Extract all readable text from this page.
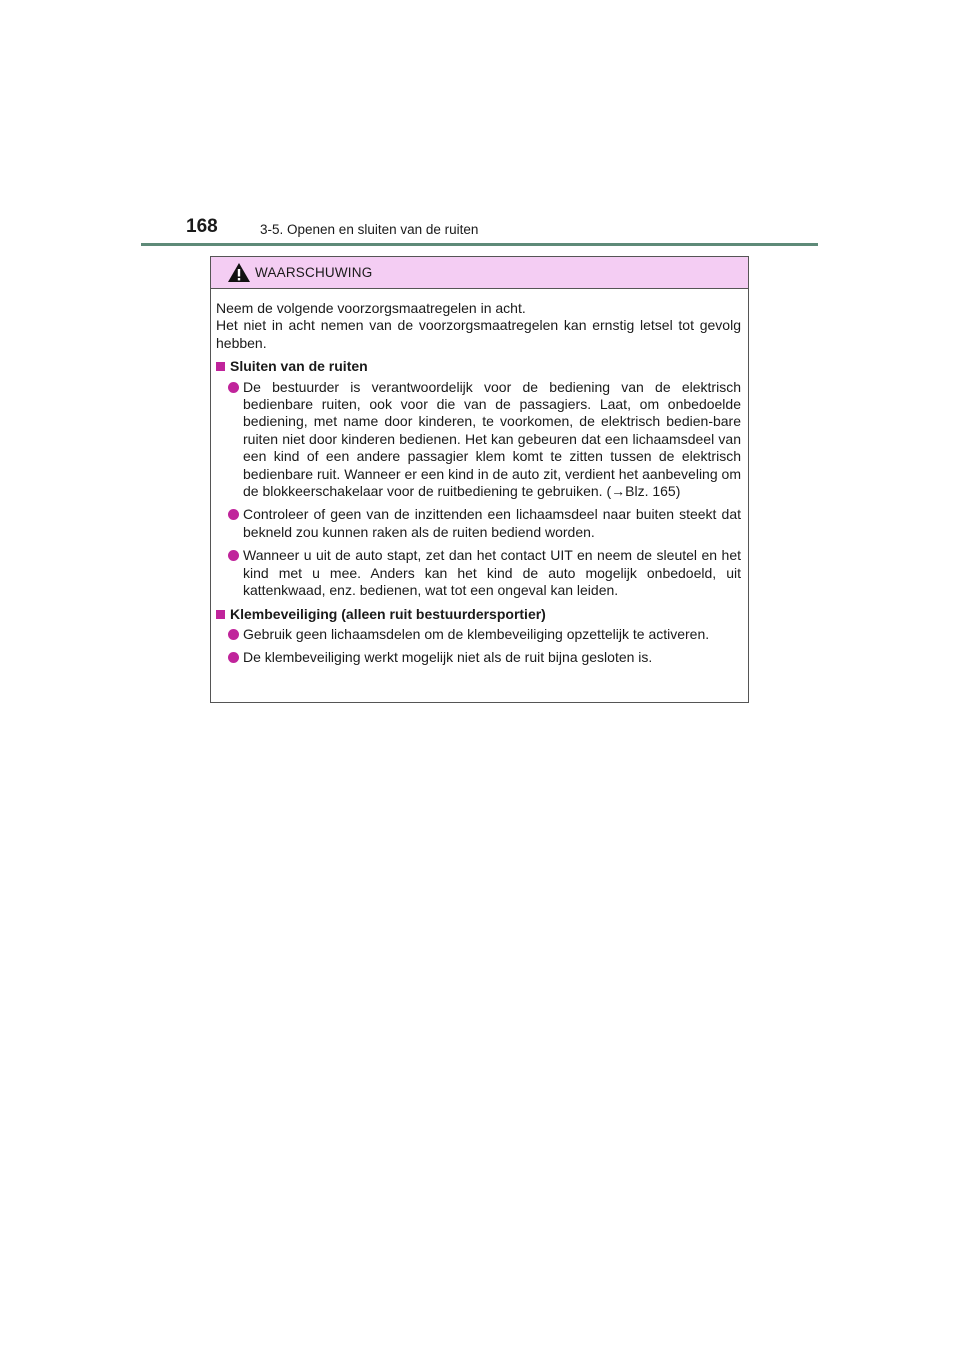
168	3-5. Openen en sluiten van de ruiten
WAARSCHUWING
Neem de volgende voorzorgsmaatregelen in acht.
Het niet in acht nemen van de voorzorgsmaatregelen kan ernstig letsel tot gevolg hebben.
Sluiten van de ruiten
De bestuurder is verantwoordelijk voor de bediening van de elektrisch bedienbare ruiten, ook voor die van de passagiers. Laat, om onbedoelde bediening, met name door kinderen, te voorkomen, de elektrisch bedien-bare ruiten niet door kinderen bedienen. Het kan gebeuren dat een lichaamsdeel van een kind of een andere passagier klem komt te zitten tussen de elektrisch bedienbare ruit. Wanneer er een kind in de auto zit, verdient het aanbeveling om de blokkeerschakelaar voor de ruitbediening te gebruiken. (→Blz. 165)
Controleer of geen van de inzittenden een lichaamsdeel naar buiten steekt dat bekneld zou kunnen raken als de ruiten bediend worden.
Wanneer u uit de auto stapt, zet dan het contact UIT en neem de sleutel en het kind met u mee. Anders kan het kind de auto mogelijk onbedoeld, uit kattenkwaad, enz. bedienen, wat tot een ongeval kan leiden.
Klembeveiliging (alleen ruit bestuurdersportier)
Gebruik geen lichaamsdelen om de klembeveiliging opzettelijk te activeren.
De klembeveiliging werkt mogelijk niet als de ruit bijna gesloten is.
